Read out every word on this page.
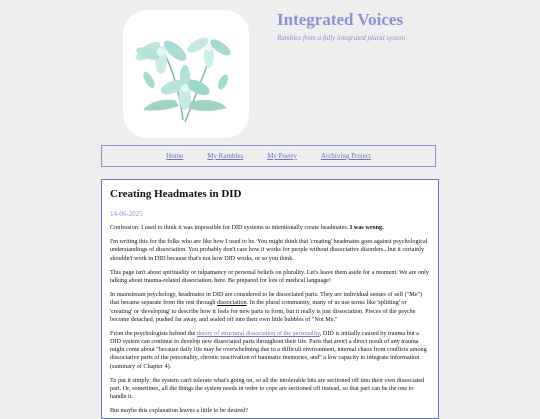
Integrated Voices
Rambles from a fully integrated plural system
Home	My Rambles	My Poetry	Archiving Project
Creating Headmates in DID
14-06-2025

Confession: I used to think it was impossible for DID systems to intentionally create headmates. I was wrong.

I'm writing this for the folks who are like how I used to be. You might think that 'creating' headmates goes against psychological understandings of dissociation. You probably don't care how it works for people without dissociative disorders...but it certainly shouldn't work in DID because that's not how DID works, or so you think.

This page isn't about spirituality or tulpamancy or personal beliefs on plurality. Let's leave them aside for a moment. We are only talking about trauma-related dissociation, here. Be prepared for lots of medical language!

In mainstream psychology, headmates in DID are considered to be dissociated parts. They are individual senses of self ("Me") that became separate from the rest through dissociation. In the plural community, many of us use terms like 'splitting' or 'creating' or 'developing' to describe how it feels for new parts to form, but it really is just dissociation. Pieces of the psyche become detached, pushed far away, and sealed off into their own little bubbles of "Not Me."

From the psychologists behind the theory of structural dissociation of the personality, DID is initially caused by trauma but a DID system can continue to develop new dissociated parts throughout their life. Parts that aren't a direct result of any trauma might come about "because daily life may be overwhelming due to a difficult environment, internal chaos from conflicts among dissociative parts of the personality, chronic reactivation of traumatic memories, and" a low capacity to integrate information (summary of Chapter 4).

To put it simply: the system can't tolerate what's going on, so all the intolerable bits are sectioned off into their own dissociated part. Or, sometimes, all the things the system needs in order to cope are sectioned off instead, so that part can be the one to handle it.

But maybe this explanation leaves a little to be desired?
